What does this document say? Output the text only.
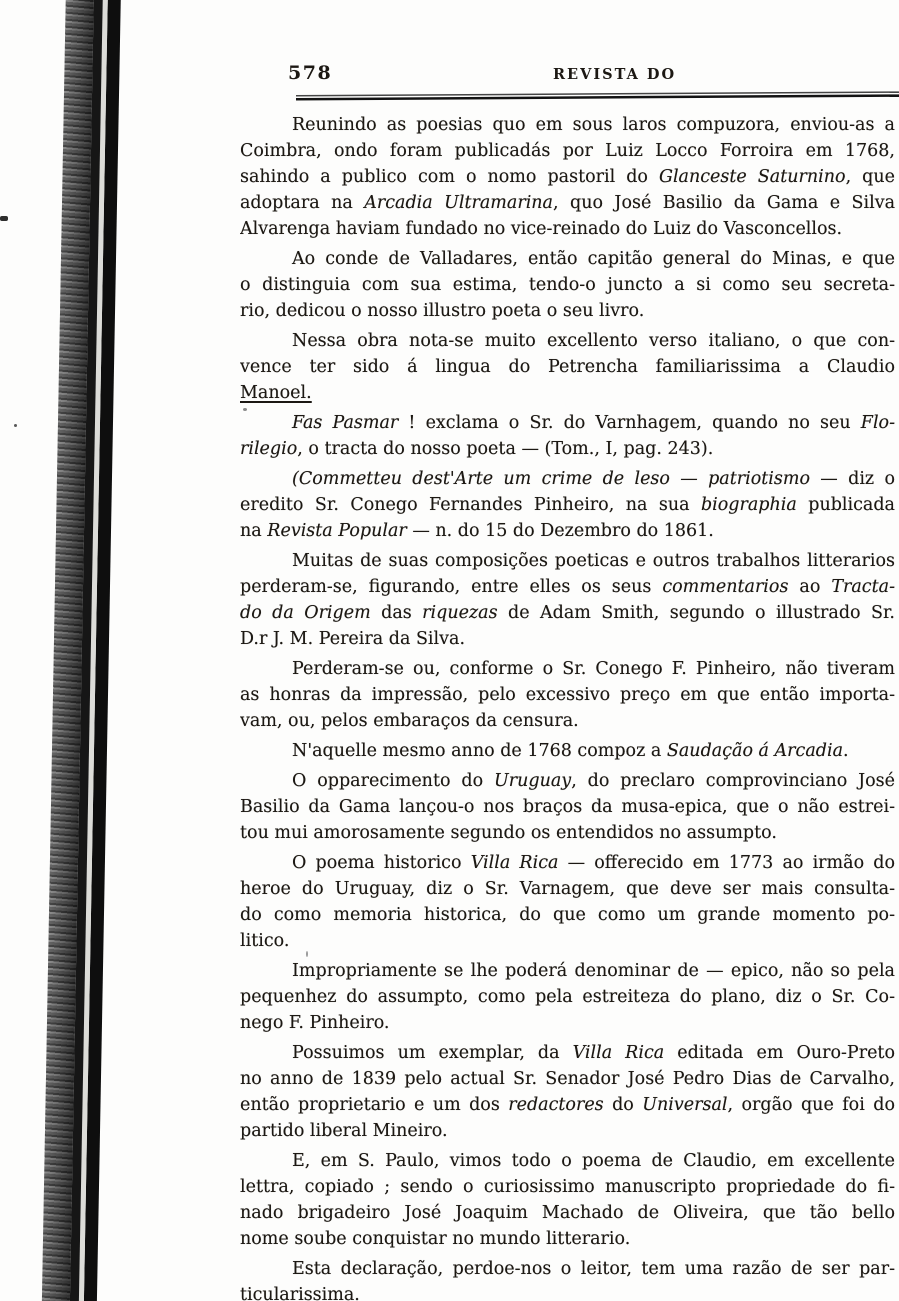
578	REVISTA DO
Reunindo as poesias quo em sous laros compuzora, enviou-as a
Coimbra, ondo foram publicadás por Luiz Locco Forroira em 1768,
sahindo a publico com o nomo pastoril do Glanceste Saturnino, que
adoptara na Arcadia Ultramarina, quo José Basilio da Gama e Silva
Alvarenga haviam fundado no vice-reinado do Luiz do Vasconcellos.
Ao conde de Valladares, então capitão general do Minas, e que
o distinguia com sua estima, tendo-o juncto a si como seu secreta-
rio, dedicou o nosso illustro poeta o seu livro.
Nessa obra nota-se muito excellento verso italiano, o que con-
vence ter sido á lingua do Petrencha familiarissima a Claudio
Manoel.
Fas Pasmar ! exclama o Sr. do Varnhagem, quando no seu Flo-
rilegio, o tracta do nosso poeta — (Tom., I, pag. 243).
(Commetteu dest'Arte um crime de leso — patriotismo — diz o
eredito Sr. Conego Fernandes Pinheiro, na sua biographia publicada
na Revista Popular — n. do 15 do Dezembro do 1861.
Muitas de suas composições poeticas e outros trabalhos litterarios
perderam-se, figurando, entre elles os seus commentarios ao Tracta-
do da Origem das riquezas de Adam Smith, segundo o illustrado Sr.
D.r J. M. Pereira da Silva.
Perderam-se ou, conforme o Sr. Conego F. Pinheiro, não tiveram
as honras da impressão, pelo excessivo preço em que então importa-
vam, ou, pelos embaraços da censura.
N'aquelle mesmo anno de 1768 compoz a Saudação á Arcadia.
O opparecimento do Uruguay, do preclaro comprovinciano José
Basilio da Gama lançou-o nos braços da musa-epica, que o não estrei-
tou mui amorosamente segundo os entendidos no assumpto.
O poema historico Villa Rica — offerecido em 1773 ao irmão do
heroe do Uruguay, diz o Sr. Varnagem, que deve ser mais consulta-
do como memoria historica, do que como um grande momento po-
litico.
Impropriamente se lhe poderá denominar de — epico, não so pela
pequenhez do assumpto, como pela estreiteza do plano, diz o Sr. Co-
nego F. Pinheiro.
Possuimos um exemplar, da Villa Rica editada em Ouro-Preto
no anno de 1839 pelo actual Sr. Senador José Pedro Dias de Carvalho,
então proprietario e um dos redactores do Universal, orgão que foi do
partido liberal Mineiro.
E, em S. Paulo, vimos todo o poema de Claudio, em excellente
lettra, copiado ; sendo o curiosissimo manuscripto propriedade do fi-
nado brigadeiro José Joaquim Machado de Oliveira, que tão bello
nome soube conquistar no mundo litterario.
Esta declaração, perdoe-nos o leitor, tem uma razão de ser par-
ticularissima.
